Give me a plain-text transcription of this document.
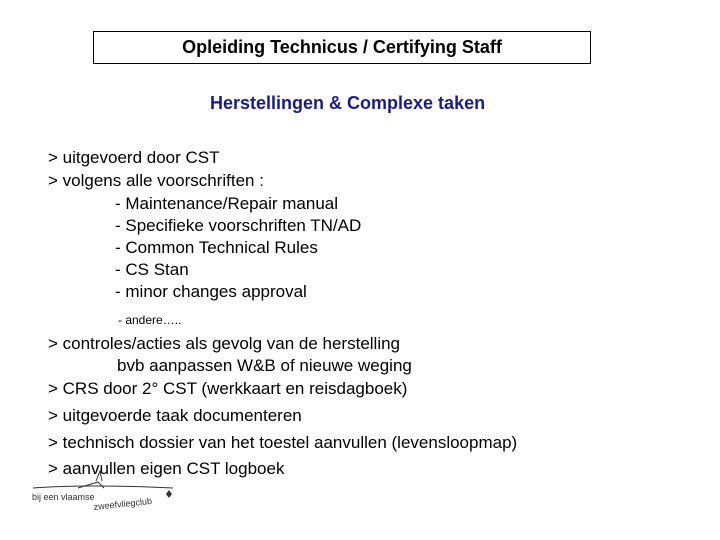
Opleiding Technicus / Certifying Staff
Herstellingen & Complexe taken
> uitgevoerd door CST
> volgens alle voorschriften :
- Maintenance/Repair manual
- Specifieke voorschriften TN/AD
- Common Technical Rules
- CS Stan
- minor changes approval
- andere…..
> controles/acties als gevolg van de herstelling
bvb aanpassen W&B of nieuwe weging
> CRS door 2° CST (werkkaart en reisdagboek)
> uitgevoerde taak documenteren
> technisch dossier van het toestel aanvullen (levensloopmap)
> aanvullen eigen CST logboek
bij een vlaamse
zweefvliegclub
